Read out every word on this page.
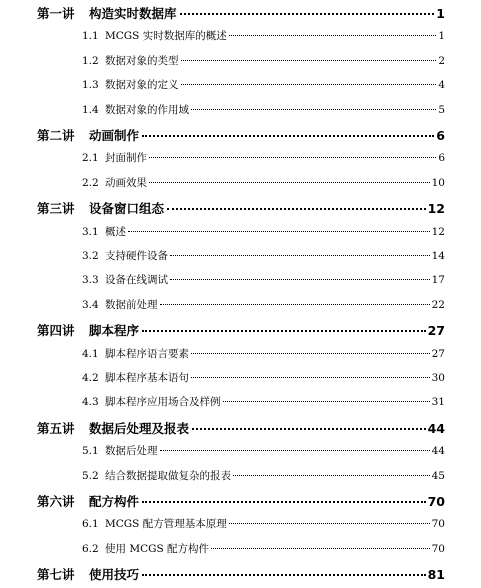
第一讲	构造实时数据库	1
1.1 MCGS 实时数据库的概述	1
1.2 数据对象的类型	2
1.3 数据对象的定义	4
1.4 数据对象的作用域	5
第二讲	动画制作	6
2.1 封面制作	6
2.2 动画效果	10
第三讲	设备窗口组态	12
3.1 概述	12
3.2 支持硬件设备	14
3.3 设备在线调试	17
3.4 数据前处理	22
第四讲	脚本程序	27
4.1 脚本程序语言要素	27
4.2 脚本程序基本语句	30
4.3 脚本程序应用场合及样例	31
第五讲	数据后处理及报表	44
5.1 数据后处理	44
5.2 结合数据提取做复杂的报表	45
第六讲	配方构件	70
6.1 MCGS 配方管理基本原理	70
6.2 使用 MCGS 配方构件	70
第七讲	使用技巧	81
